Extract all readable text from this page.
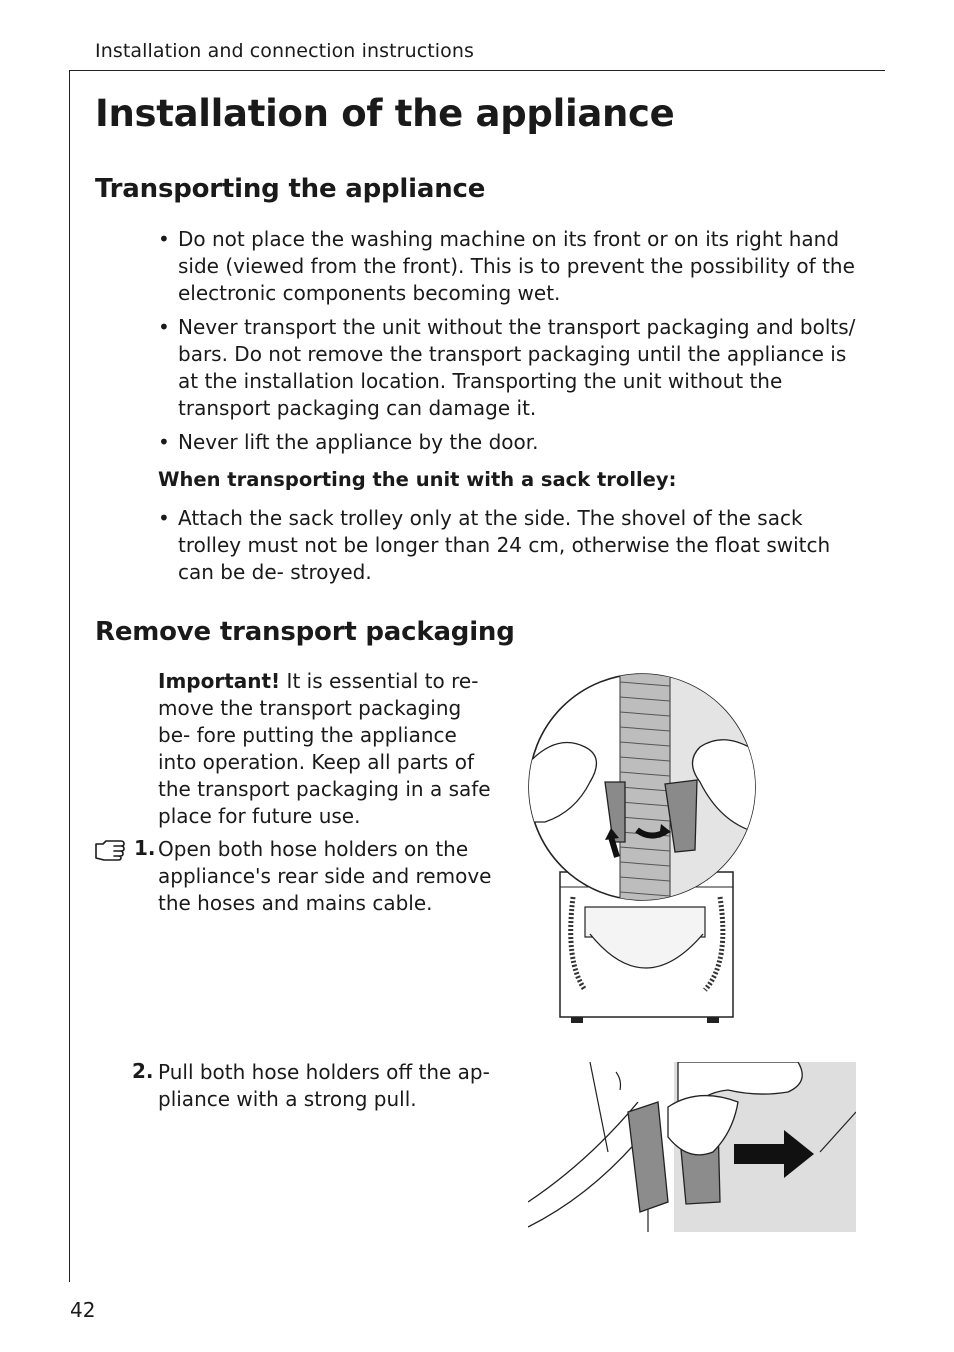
Installation and connection instructions
Installation of the appliance
Transporting the appliance
• Do not place the washing machine on its front or on its right hand side (viewed from the front). This is to prevent the possibility of the electronic components becoming wet.
• Never transport the unit without the transport packaging and bolts/ bars. Do not remove the transport packaging until the appliance is at the installation location. Transporting the unit without the transport packaging can damage it.
• Never lift the appliance by the door.
When transporting the unit with a sack trolley:
• Attach the sack trolley only at the side. The shovel of the sack trolley must not be longer than 24 cm, otherwise the float switch can be de- stroyed.
Remove transport packaging
Important! It is essential to re- move the transport packaging be- fore putting the appliance into operation. Keep all parts of the transport packaging in a safe place for future use.
1. Open both hose holders on the appliance's rear side and remove the hoses and mains cable.
2. Pull both hose holders off the ap- pliance with a strong pull.
42
